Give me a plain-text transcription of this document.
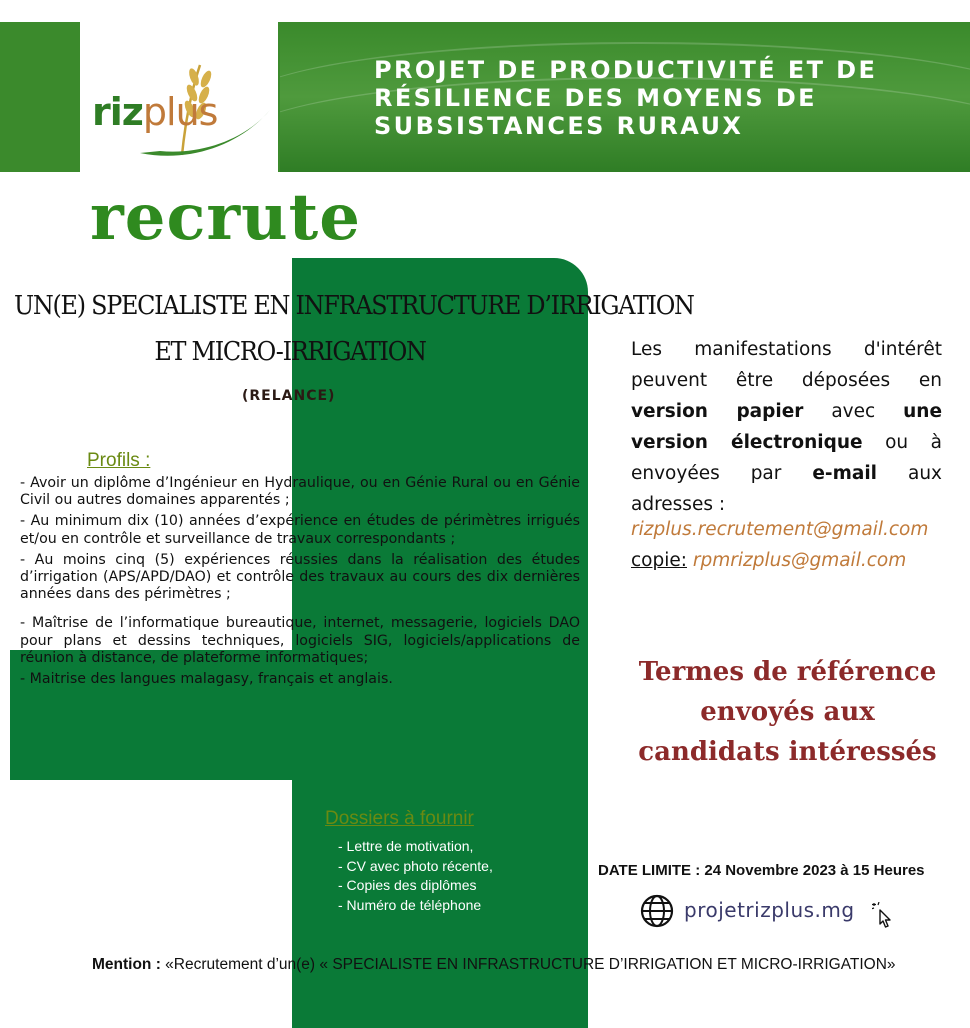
PROJET DE PRODUCTIVITÉ ET DE
RÉSILIENCE DES MOYENS DE
SUBSISTANCES RURAUX
rizplus
recrute
UN(E) SPECIALISTE EN INFRASTRUCTURE D’IRRIGATION
ET MICRO-IRRIGATION
(RELANCE)
Profils :

- Avoir un diplôme d’Ingénieur en Hydraulique, ou en Génie Rural ou en Génie Civil ou autres domaines apparentés ;

- Au minimum dix (10) années d’expérience en études de périmètres irrigués et/ou en contrôle et surveillance de travaux correspondants ;

- Au moins cinq (5) expériences réussies dans la réalisation des études d’irrigation (APS/APD/DAO) et contrôle des travaux au cours des dix dernières années dans des périmètres ;

- Maîtrise de l’informatique bureautique, internet, messagerie, logiciels DAO pour plans et dessins techniques, logiciels SIG, logiciels/applications de réunion à distance, de plateforme informatiques;

- Maitrise des langues malagasy, français et anglais.

Dossiers à fournir
- Lettre de motivation,
- CV avec photo récente,
- Copies des diplômes
- Numéro de téléphone
Mention : «Recrutement d’un(e) « SPECIALISTE EN INFRASTRUCTURE D’IRRIGATION ET MICRO-IRRIGATION»
Les manifestations d'intérêt peuvent être déposées en version papier avec une version électronique ou à envoyées par e-mail aux adresses :
rizplus.recrutement@gmail.com
copie: rpmrizplus@gmail.com
Termes de référence
envoyés aux
candidats intéressés
DATE LIMITE : 24 Novembre 2023 à 15 Heures
projetrizplus.mg
